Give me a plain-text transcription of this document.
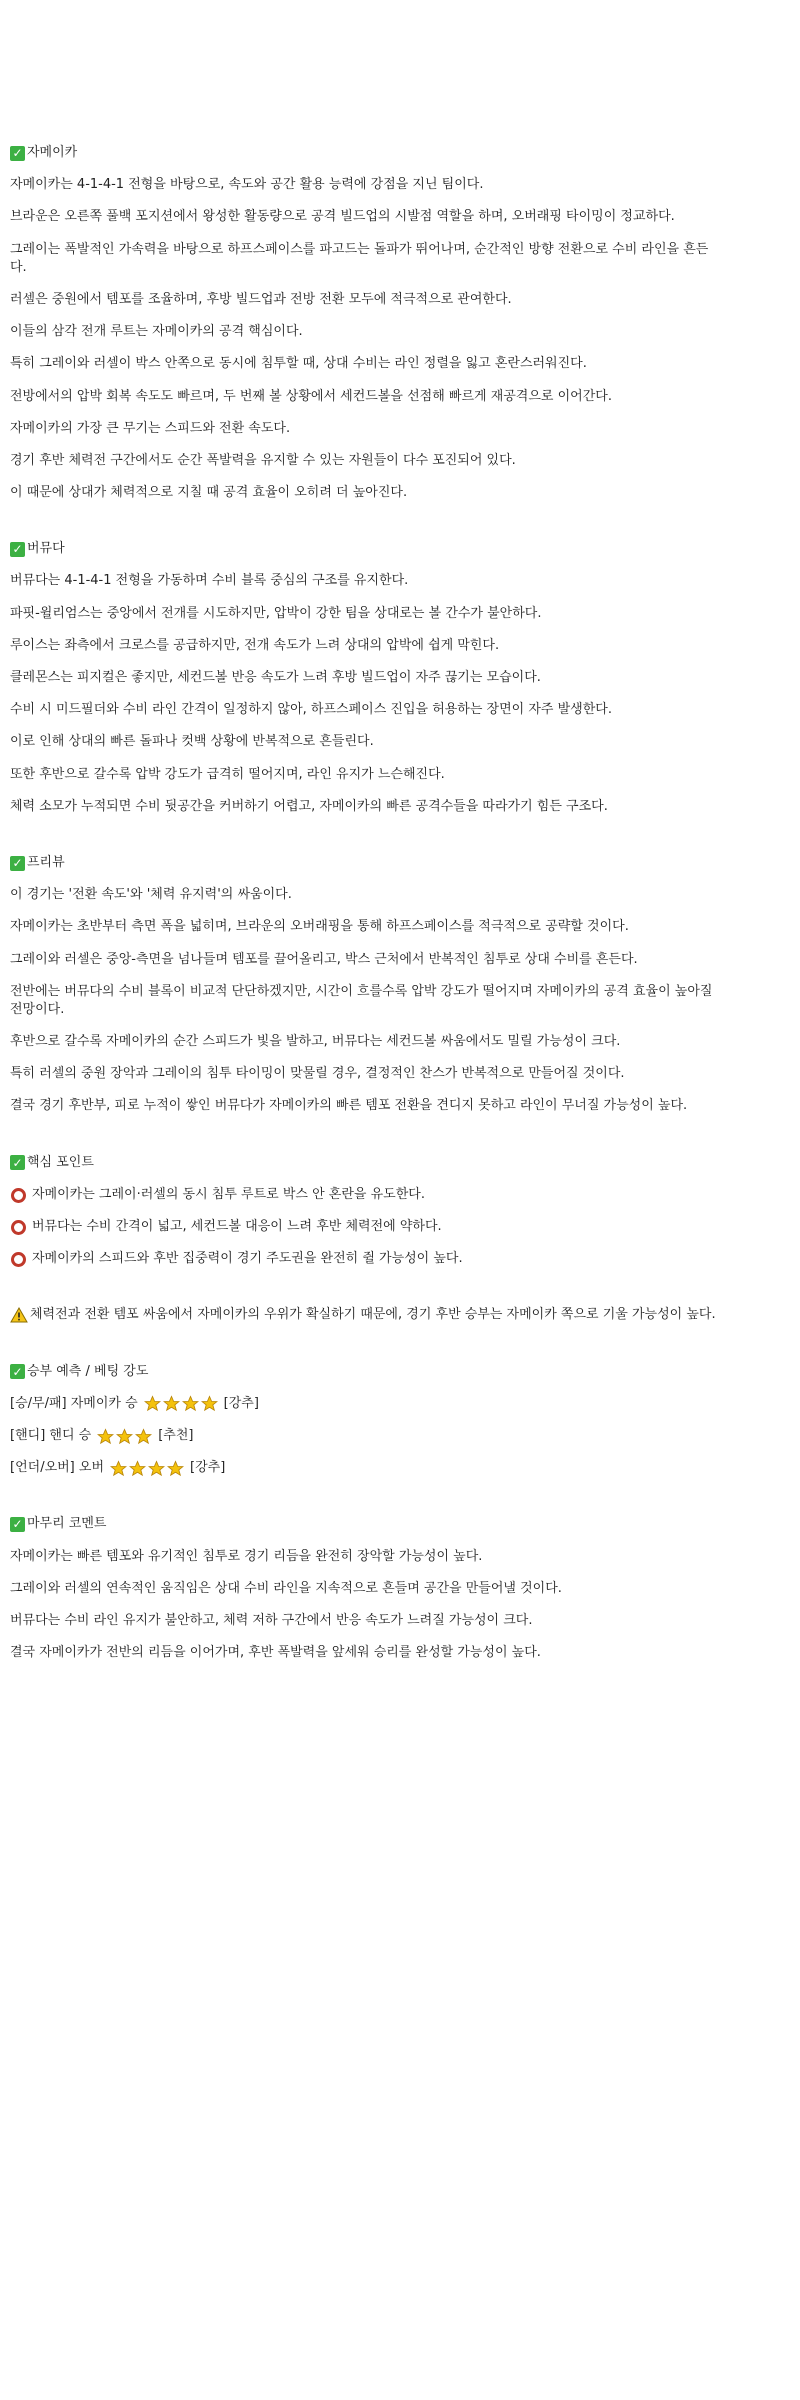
✓ 자메이카

자메이카는 4-1-4-1 전형을 바탕으로, 속도와 공간 활용 능력에 강점을 지닌 팀이다.

브라운은 오른쪽 풀백 포지션에서 왕성한 활동량으로 공격 빌드업의 시발점 역할을 하며, 오버래핑 타이밍이 정교하다.

그레이는 폭발적인 가속력을 바탕으로 하프스페이스를 파고드는 돌파가 뛰어나며, 순간적인 방향 전환으로 수비 라인을 흔든다.

러셀은 중원에서 템포를 조율하며, 후방 빌드업과 전방 전환 모두에 적극적으로 관여한다.

이들의 삼각 전개 루트는 자메이카의 공격 핵심이다.

특히 그레이와 러셀이 박스 안쪽으로 동시에 침투할 때, 상대 수비는 라인 정렬을 잃고 혼란스러워진다.

전방에서의 압박 회복 속도도 빠르며, 두 번째 볼 상황에서 세컨드볼을 선점해 빠르게 재공격으로 이어간다.

자메이카의 가장 큰 무기는 스피드와 전환 속도다.

경기 후반 체력전 구간에서도 순간 폭발력을 유지할 수 있는 자원들이 다수 포진되어 있다.

이 때문에 상대가 체력적으로 지칠 때 공격 효율이 오히려 더 높아진다.

✓ 버뮤다

버뮤다는 4-1-4-1 전형을 가동하며 수비 블록 중심의 구조를 유지한다.

파핏-윌리엄스는 중앙에서 전개를 시도하지만, 압박이 강한 팀을 상대로는 볼 간수가 불안하다.

루이스는 좌측에서 크로스를 공급하지만, 전개 속도가 느려 상대의 압박에 쉽게 막힌다.

클레몬스는 피지컬은 좋지만, 세컨드볼 반응 속도가 느려 후방 빌드업이 자주 끊기는 모습이다.

수비 시 미드필더와 수비 라인 간격이 일정하지 않아, 하프스페이스 진입을 허용하는 장면이 자주 발생한다.

이로 인해 상대의 빠른 돌파나 컷백 상황에 반복적으로 흔들린다.

또한 후반으로 갈수록 압박 강도가 급격히 떨어지며, 라인 유지가 느슨해진다.

체력 소모가 누적되면 수비 뒷공간을 커버하기 어렵고, 자메이카의 빠른 공격수들을 따라가기 힘든 구조다.

✓ 프리뷰

이 경기는 '전환 속도'와 '체력 유지력'의 싸움이다.

자메이카는 초반부터 측면 폭을 넓히며, 브라운의 오버래핑을 통해 하프스페이스를 적극적으로 공략할 것이다.

그레이와 러셀은 중앙-측면을 넘나들며 템포를 끌어올리고, 박스 근처에서 반복적인 침투로 상대 수비를 흔든다.

전반에는 버뮤다의 수비 블록이 비교적 단단하겠지만, 시간이 흐를수록 압박 강도가 떨어지며 자메이카의 공격 효율이 높아질 전망이다.

후반으로 갈수록 자메이카의 순간 스피드가 빛을 발하고, 버뮤다는 세컨드볼 싸움에서도 밀릴 가능성이 크다.

특히 러셀의 중원 장악과 그레이의 침투 타이밍이 맞물릴 경우, 결정적인 찬스가 반복적으로 만들어질 것이다.

결국 경기 후반부, 피로 누적이 쌓인 버뮤다가 자메이카의 빠른 템포 전환을 견디지 못하고 라인이 무너질 가능성이 높다.

✓ 핵심 포인트
자메이카는 그레이·러셀의 동시 침투 루트로 박스 안 혼란을 유도한다.
버뮤다는 수비 간격이 넓고, 세컨드볼 대응이 느려 후반 체력전에 약하다.
자메이카의 스피드와 후반 집중력이 경기 주도권을 완전히 쥘 가능성이 높다.
체력전과 전환 템포 싸움에서 자메이카의 우위가 확실하기 때문에, 경기 후반 승부는 자메이카 쪽으로 기울 가능성이 높다.
✓ 승부 예측 / 베팅 강도
[승/무/패] 자메이카 승	[강추]
[핸디] 핸디 승	[추천]
[언더/오버] 오버	[강추]
✓ 마무리 코멘트

자메이카는 빠른 템포와 유기적인 침투로 경기 리듬을 완전히 장악할 가능성이 높다.

그레이와 러셀의 연속적인 움직임은 상대 수비 라인을 지속적으로 흔들며 공간을 만들어낼 것이다.

버뮤다는 수비 라인 유지가 불안하고, 체력 저하 구간에서 반응 속도가 느려질 가능성이 크다.

결국 자메이카가 전반의 리듬을 이어가며, 후반 폭발력을 앞세워 승리를 완성할 가능성이 높다.
